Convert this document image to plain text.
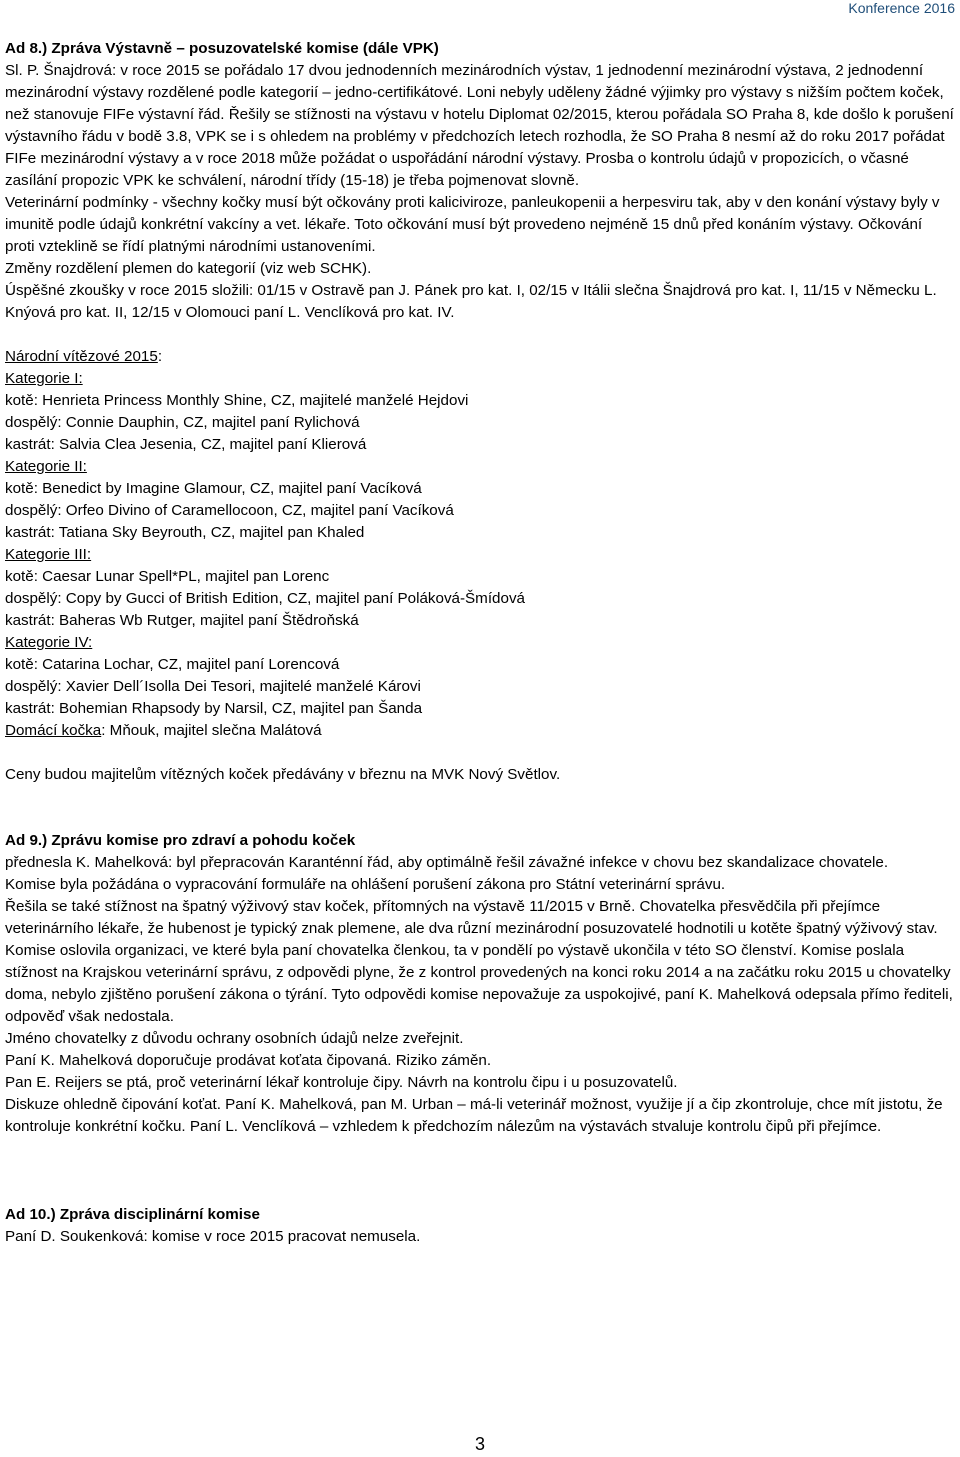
Konference 2016

Ad 8.) Zpráva Výstavně – posuzovatelské komise (dále VPK)

Sl. P. Šnajdrová: v roce 2015 se pořádalo 17 dvou jednodenních mezinárodních výstav, 1 jednodenní mezinárodní výstava, 2 jednodenní mezinárodní výstavy rozdělené podle kategorií – jedno-certifikátové. Loni nebyly uděleny žádné výjimky pro výstavy s nižším počtem koček, než stanovuje FIFe výstavní řád. Řešily se stížnosti na výstavu v hotelu Diplomat 02/2015, kterou pořádala SO Praha 8, kde došlo k porušení výstavního řádu v bodě 3.8, VPK se i s ohledem na problémy v předchozích letech rozhodla, že SO Praha 8 nesmí až do roku 2017 pořádat FIFe mezinárodní výstavy a v roce 2018 může požádat o uspořádání národní výstavy. Prosba o kontrolu údajů v propozicích, o včasné zasílání propozic VPK ke schválení, národní třídy (15-18) je třeba pojmenovat slovně.

Veterinární podmínky - všechny kočky musí být očkovány proti kaliciviroze, panleukopenii a herpesviru tak, aby v den konání výstavy byly v imunitě podle údajů konkrétní vakcíny a vet. lékaře. Toto očkování musí být provedeno nejméně 15 dnů před konáním výstavy. Očkování proti vzteklině se řídí platnými národními ustanoveními.

Změny rozdělení plemen do kategorií (viz web SCHK).

Úspěšné zkoušky v roce 2015 složili: 01/15 v Ostravě pan J. Pánek pro kat. I, 02/15 v Itálii slečna Šnajdrová pro kat. I, 11/15 v Německu L. Knýová pro kat. II, 12/15 v Olomouci paní L. Venclíková pro kat. IV.

Národní vítězové 2015:

Kategorie I:

kotě: Henrieta Princess Monthly Shine, CZ, majitelé manželé Hejdovi

dospělý: Connie Dauphin, CZ, majitel paní Rylichová

kastrát: Salvia Clea Jesenia, CZ, majitel paní Klierová

Kategorie II:

kotě: Benedict by Imagine Glamour, CZ, majitel paní Vacíková

dospělý: Orfeo Divino of Caramellocoon, CZ, majitel paní Vacíková

kastrát: Tatiana Sky Beyrouth, CZ, majitel pan Khaled

Kategorie III:

kotě: Caesar Lunar Spell*PL, majitel pan Lorenc

dospělý: Copy by Gucci of British Edition, CZ, majitel paní Poláková-Šmídová

kastrát: Baheras Wb Rutger, majitel paní Štědroňská

Kategorie IV:

kotě: Catarina Lochar, CZ, majitel paní Lorencová

dospělý: Xavier Dell´Isolla Dei Tesori, majitelé manželé Károvi

kastrát: Bohemian Rhapsody by Narsil, CZ, majitel pan Šanda

Domácí kočka: Mňouk, majitel slečna Malátová

Ceny budou majitelům vítězných koček předávány v březnu na MVK Nový Světlov.

Ad 9.) Zprávu komise pro zdraví a pohodu koček

přednesla K. Mahelková: byl přepracován Karanténní řád, aby optimálně řešil závažné infekce v chovu bez skandalizace chovatele.

Komise byla požádána o vypracování formuláře na ohlášení porušení zákona pro Státní veterinární správu.

Řešila se také stížnost na špatný výživový stav koček, přítomných na výstavě 11/2015 v Brně. Chovatelka přesvědčila při přejímce veterinárního lékaře, že hubenost je typický znak plemene, ale dva různí mezinárodní posuzovatelé hodnotili u kotěte špatný výživový stav. Komise oslovila organizaci, ve které byla paní chovatelka členkou, ta v pondělí po výstavě ukončila v této SO členství. Komise poslala stížnost na Krajskou veterinární správu, z odpovědi plyne, že z kontrol provedených na konci roku 2014 a na začátku roku 2015 u chovatelky doma, nebylo zjištěno porušení zákona o týrání. Tyto odpovědi komise nepovažuje za uspokojivé, paní K. Mahelková odepsala přímo řediteli, odpověď však nedostala.

Jméno chovatelky z důvodu ochrany osobních údajů nelze zveřejnit.

Paní K. Mahelková doporučuje prodávat koťata čipovaná. Riziko záměn.

Pan E. Reijers se ptá, proč veterinární lékař kontroluje čipy. Návrh na kontrolu čipu i u posuzovatelů.

Diskuze ohledně čipování koťat. Paní K. Mahelková, pan M. Urban – má-li veterinář možnost, využije jí a čip zkontroluje, chce mít jistotu, že kontroluje konkrétní kočku. Paní L. Venclíková – vzhledem k předchozím nálezům na výstavách stvaluje kontrolu čipů při přejímce.

Ad 10.) Zpráva disciplinární komise

Paní D. Soukenková: komise v roce 2015 pracovat nemusela.

3
